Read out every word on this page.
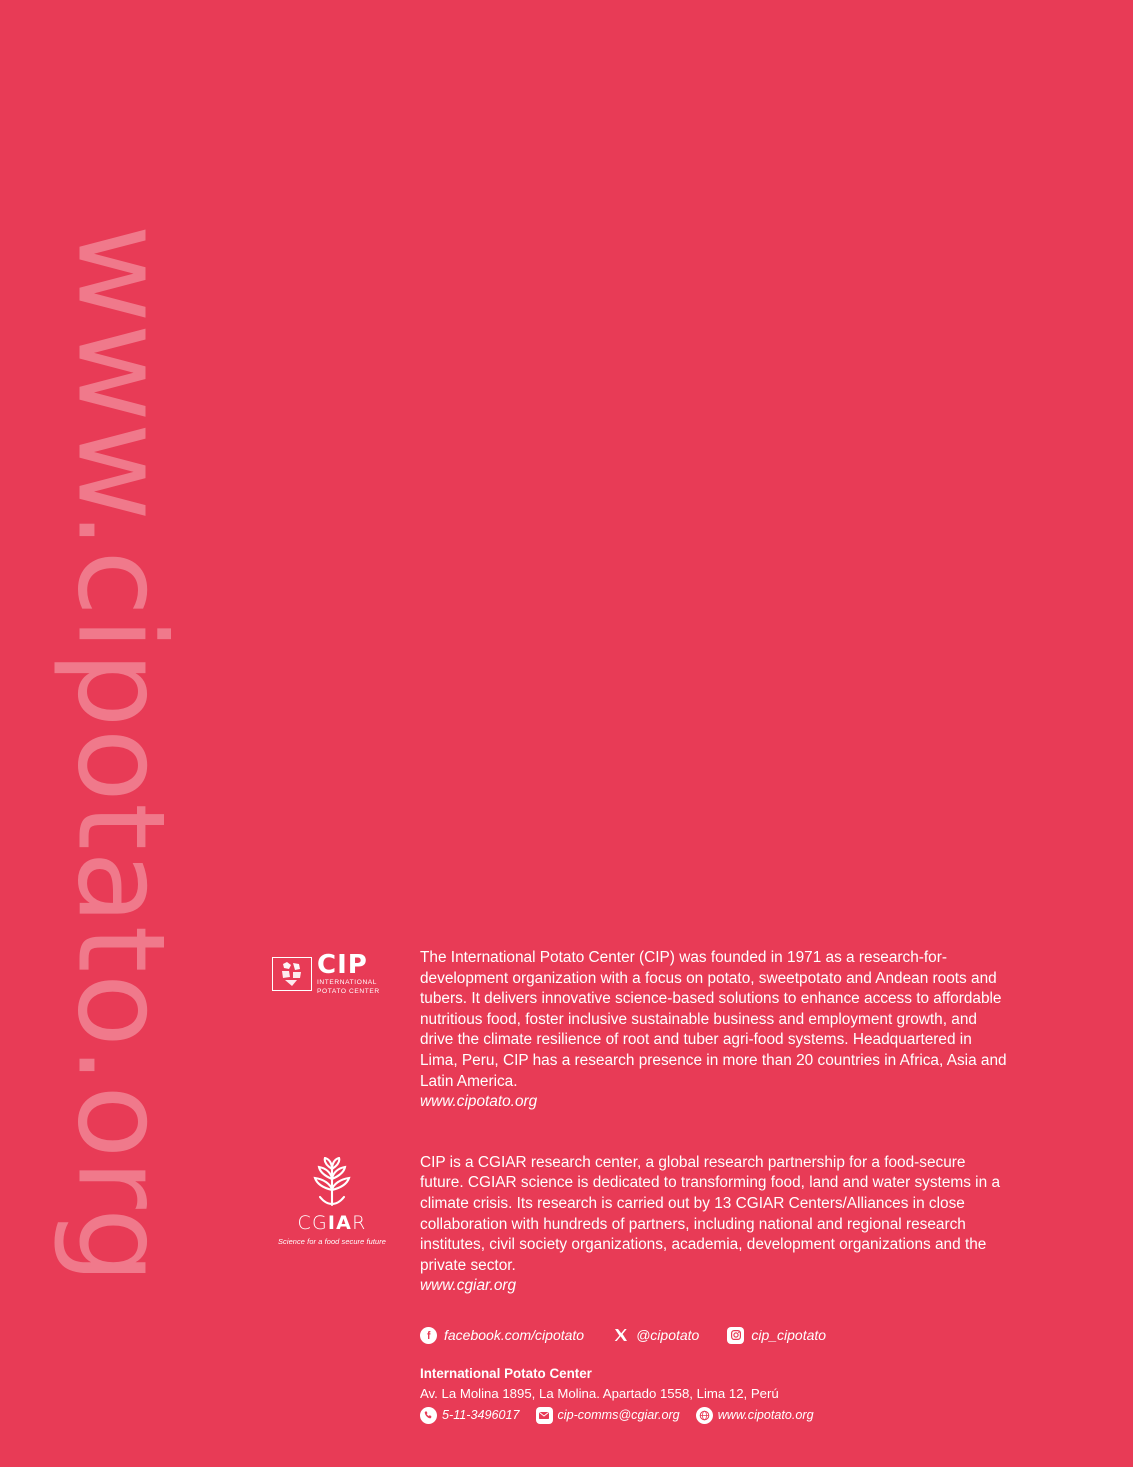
www.cipotato.org	CIP
INTERNATIONAL
POTATO CENTER

The International Potato Center (CIP) was founded in 1971 as a research-for-development organization with a focus on potato, sweetpotato and Andean roots and tubers. It delivers innovative science-based solutions to enhance access to affordable nutritious food, foster inclusive sustainable business and employment growth, and drive the climate resilience of root and tuber agri-food systems. Headquartered in Lima, Peru, CIP has a research presence in more than 20 countries in Africa, Asia and Latin America.

www.cipotato.org

CGIAR
Science for a food secure future

CIP is a CGIAR research center, a global research partnership for a food-secure future. CGIAR science is dedicated to transforming food, land and water systems in a climate crisis. Its research is carried out by 13 CGIAR Centers/Alliances in close collaboration with hundreds of partners, including national and regional research institutes, civil society organizations, academia, development organizations and the private sector.

www.cgiar.org

facebook.com/cipotato	@cipotato	cip_cipotato
International Potato Center
Av. La Molina 1895, La Molina. Apartado 1558, Lima 12, Perú
5-11-3496017	cip-comms@cgiar.org	www.cipotato.org
